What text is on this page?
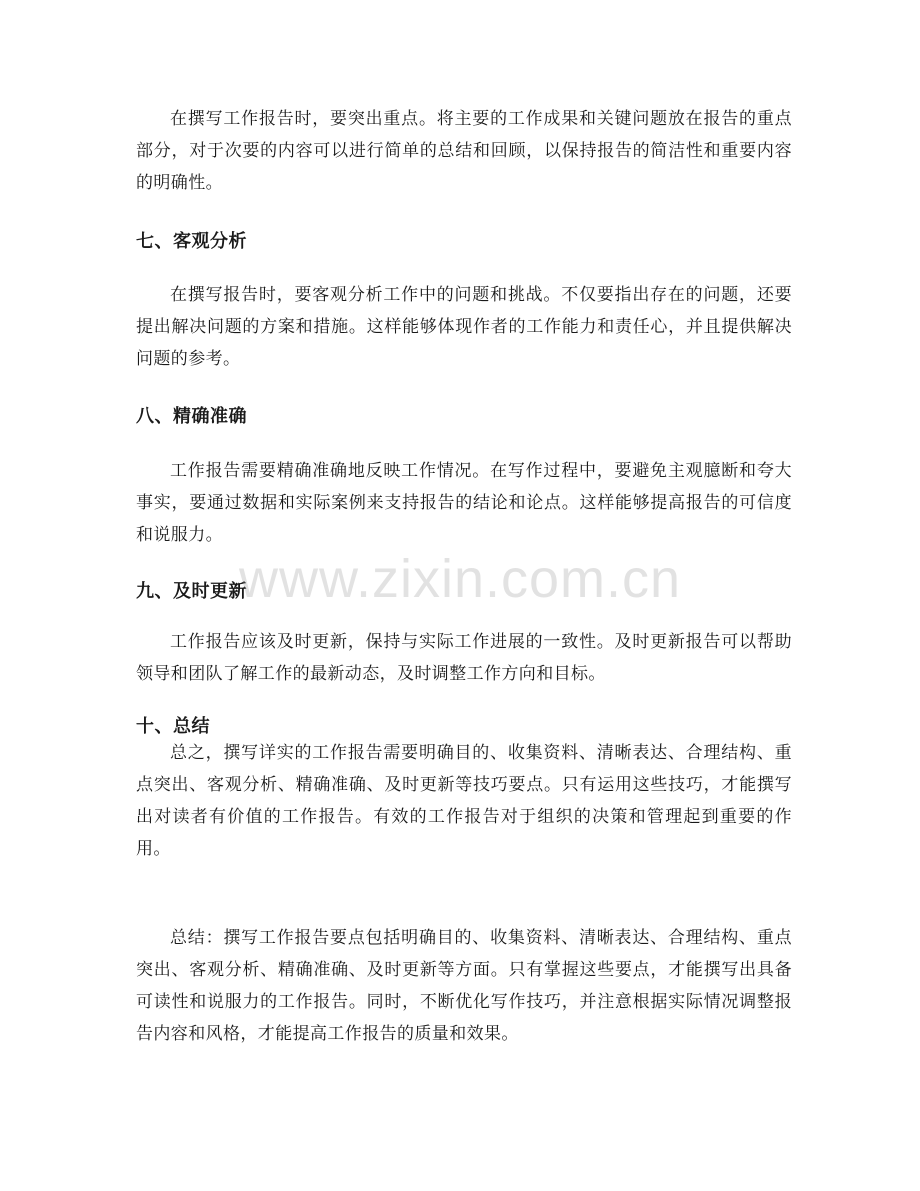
在撰写工作报告时，要突出重点。将主要的工作成果和关键问题放在报告的重点部分，对于次要的内容可以进行简单的总结和回顾，以保持报告的简洁性和重要内容的明确性。

七、客观分析

在撰写报告时，要客观分析工作中的问题和挑战。不仅要指出存在的问题，还要提出解决问题的方案和措施。这样能够体现作者的工作能力和责任心，并且提供解决问题的参考。

八、精确准确

工作报告需要精确准确地反映工作情况。在写作过程中，要避免主观臆断和夸大事实，要通过数据和实际案例来支持报告的结论和论点。这样能够提高报告的可信度和说服力。

九、及时更新

工作报告应该及时更新，保持与实际工作进展的一致性。及时更新报告可以帮助领导和团队了解工作的最新动态，及时调整工作方向和目标。

十、总结

总之，撰写详实的工作报告需要明确目的、收集资料、清晰表达、合理结构、重点突出、客观分析、精确准确、及时更新等技巧要点。只有运用这些技巧，才能撰写出对读者有价值的工作报告。有效的工作报告对于组织的决策和管理起到重要的作用。

总结：撰写工作报告要点包括明确目的、收集资料、清晰表达、合理结构、重点突出、客观分析、精确准确、及时更新等方面。只有掌握这些要点，才能撰写出具备可读性和说服力的工作报告。同时，不断优化写作技巧，并注意根据实际情况调整报告内容和风格，才能提高工作报告的质量和效果。

www.zixin.com.cn
